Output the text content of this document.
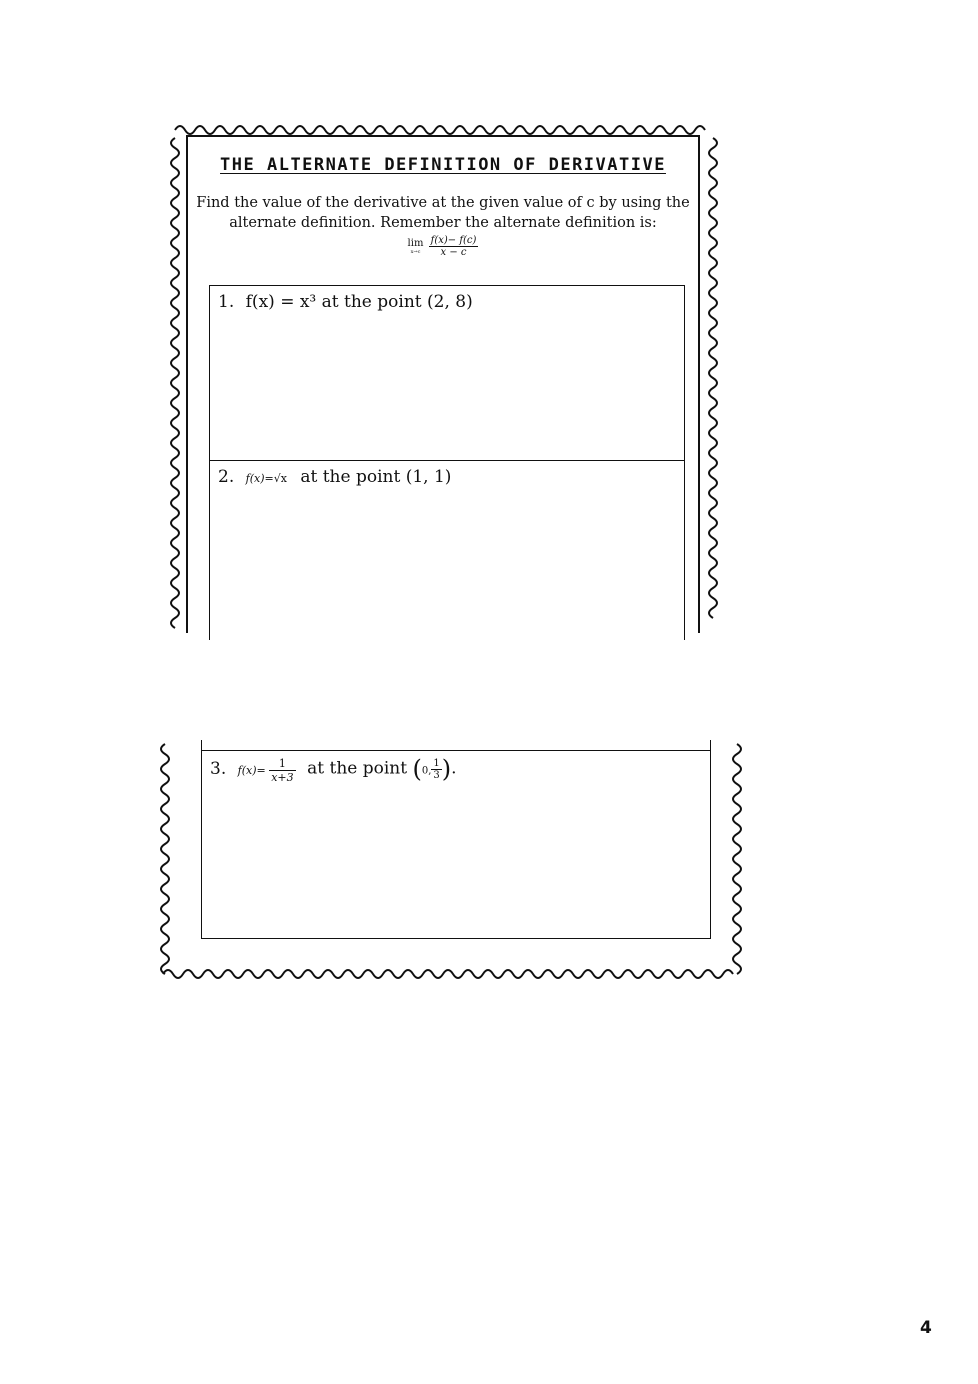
THE ALTERNATE DEFINITION OF DERIVATIVE
Find the value of the derivative at the given value of c by using the alternate definition. Remember the alternate definition is:
lim
x→c
$\frac{f(x)- f(c)}{x - c}$
1. f(x) = x³ at the point (2, 8)
2. f(x)=√x at the point (1, 1)
3. $f(x)= \frac{1}{x+3}$ at the point (0, $\frac{1}{3}$ ).
4
